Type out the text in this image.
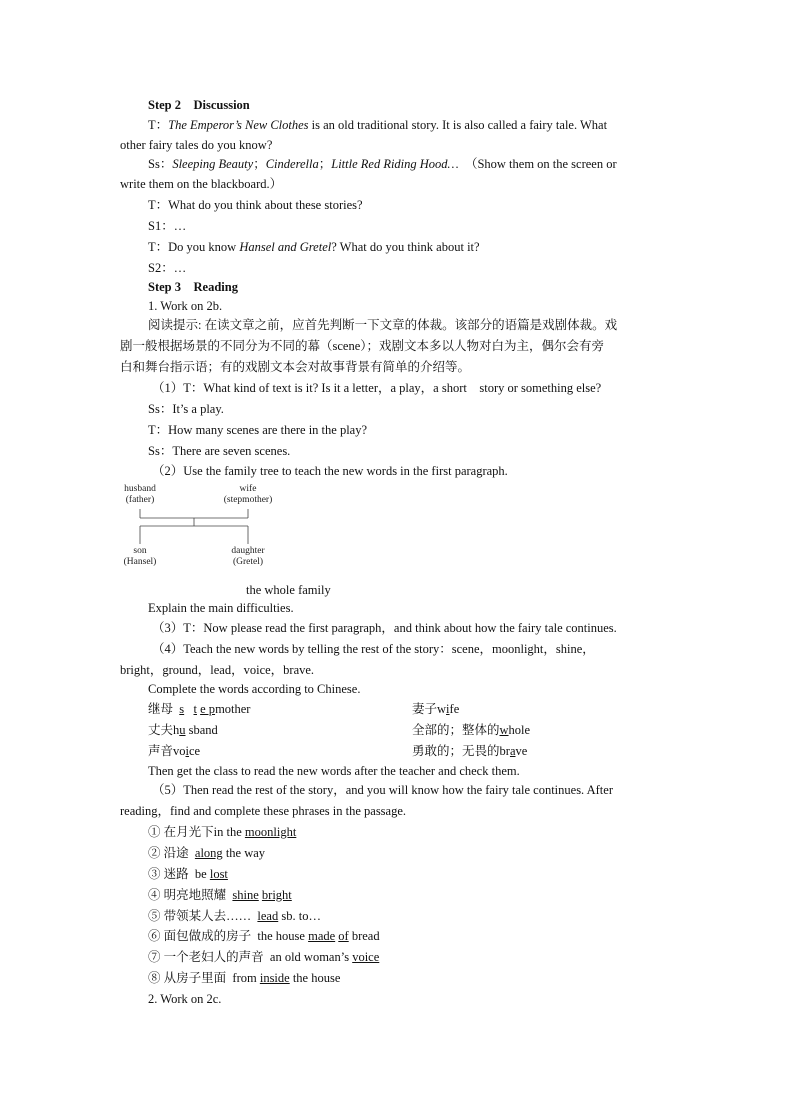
Step 2　Discussion
T：The Emperor’s New Clothes is an old traditional story. It is also called a fairy tale. What
other fairy tales do you know?
Ss：Sleeping Beauty；Cinderella；Little Red Riding Hood…　（Show them on the screen or
write them on the blackboard.）
T：What do you think about these stories?
S1：…
T：Do you know Hansel and Gretel? What do you think about it?
S2：…
Step 3　Reading
1. Work on 2b.
阅读提示: 在读文章之前，应首先判断一下文章的体裁。该部分的语篇是戏剧体裁。戏
剧一般根据场景的不同分为不同的幕（scene）；戏剧文本多以人物对白为主，偶尔会有旁
白和舞台指示语；有的戏剧文本会对故事背景有简单的介绍等。
（1）T：What kind of text is it? Is it a letter，a play，a short　story or something else?
Ss：It’s a play.
T：How many scenes are there in the play?
Ss：There are seven scenes.
（2）Use the family tree to teach the new words in the first paragraph.
husband
(father)
wife
(stepmother)
son
(Hansel)
daughter
(Gretel)
the whole family
Explain the main difficulties.
（3）T：Now please read the first paragraph，and think about how the fairy tale continues.
（4）Teach the new words by telling the rest of the story：scene，moonlight，shine，
bright，ground，lead，voice，brave.
Complete the words according to Chinese.
继母 s t e pmother	妻子wife
丈夫hu sband	全部的；整体的whole
声音voice	勇敢的；无畏的brave
Then get the class to read the new words after the teacher and check them.
（5）Then read the rest of the story，and you will know how the fairy tale continues. After
reading，find and complete these phrases in the passage.
① 在月光下in the moonlight
② 沿途 along the way
③ 迷路 be lost
④ 明亮地照耀 shine bright
⑤ 带领某人去…… lead sb. to…
⑥ 面包做成的房子 the house made of bread
⑦ 一个老妇人的声音 an old woman’s voice
⑧ 从房子里面 from inside the house
2. Work on 2c.
